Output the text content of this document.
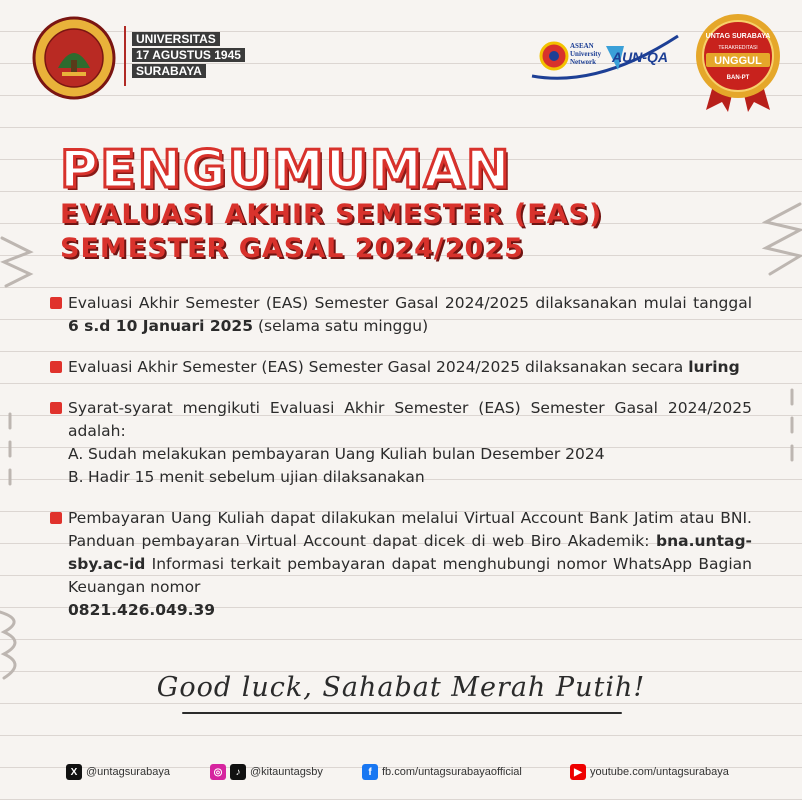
UNIVERSITAS
17 AGUSTUS 1945
SURABAYA
ASEAN
University
Network AUN-QA
UNTAG SURABAYA
TERAKREDITASI
UNGGUL
BAN-PT
PENGUMUMAN
EVALUASI AKHIR SEMESTER (EAS)
SEMESTER GASAL 2024/2025

Evaluasi Akhir Semester (EAS) Semester Gasal 2024/2025 dilaksanakan mulai tanggal 6 s.d 10 Januari 2025 (selama satu minggu)

Evaluasi Akhir Semester (EAS) Semester Gasal 2024/2025 dilaksanakan secara luring

Syarat-syarat mengikuti Evaluasi Akhir Semester (EAS) Semester Gasal 2024/2025 adalah:

A. Sudah melakukan pembayaran Uang Kuliah bulan Desember 2024
B. Hadir 15 menit sebelum ujian dilaksanakan

Pembayaran Uang Kuliah dapat dilakukan melalui Virtual Account Bank Jatim atau BNI. Panduan pembayaran Virtual Account dapat dicek di web Biro Akademik: bna.untag-sby.ac-id Informasi terkait pembayaran dapat menghubungi nomor WhatsApp Bagian Keuangan nomor
0821.426.049.39

Good luck, Sahabat Merah Putih!
X @untagsurabaya	◎	♪ @kitauntagsby	f fb.com/untagsurabayaofficial	▶ youtube.com/untagsurabaya
